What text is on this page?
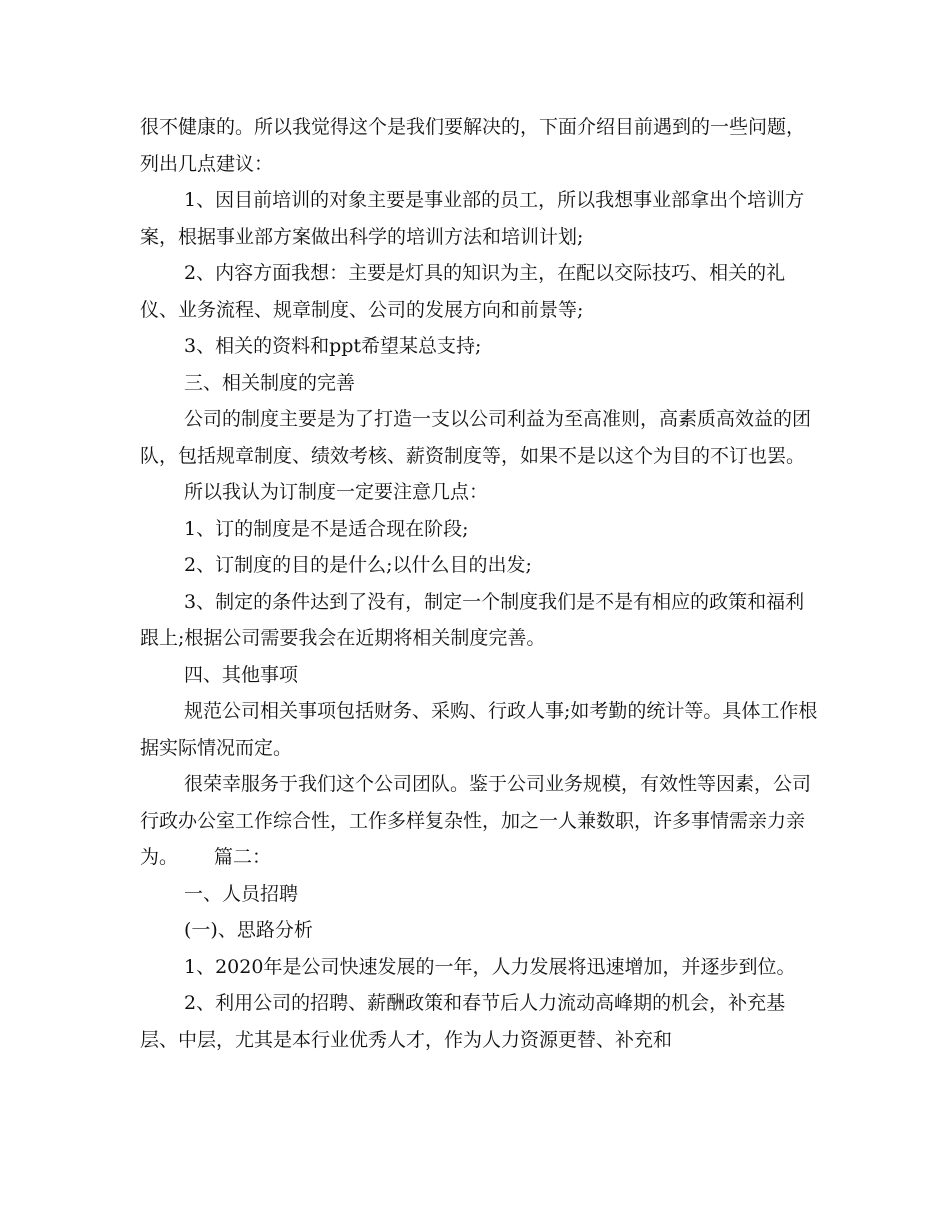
很不健康的。所以我觉得这个是我们要解决的，下面介绍目前遇到的一些问题，列出几点建议：

1、因目前培训的对象主要是事业部的员工，所以我想事业部拿出个培训方案，根据事业部方案做出科学的培训方法和培训计划;

2、内容方面我想：主要是灯具的知识为主，在配以交际技巧、相关的礼仪、业务流程、规章制度、公司的发展方向和前景等;

3、相关的资料和ppt希望某总支持;

三、相关制度的完善

公司的制度主要是为了打造一支以公司利益为至高准则，高素质高效益的团队，包括规章制度、绩效考核、薪资制度等，如果不是以这个为目的不订也罢。

所以我认为订制度一定要注意几点：

1、订的制度是不是适合现在阶段;

2、订制度的目的是什么;以什么目的出发;

3、制定的条件达到了没有，制定一个制度我们是不是有相应的政策和福利跟上;根据公司需要我会在近期将相关制度完善。

四、其他事项

规范公司相关事项包括财务、采购、行政人事;如考勤的统计等。具体工作根据实际情况而定。

很荣幸服务于我们这个公司团队。鉴于公司业务规模，有效性等因素，公司行政办公室工作综合性，工作多样复杂性，加之一人兼数职，许多事情需亲力亲为。 篇二：

一、人员招聘

(一)、思路分析

1、2020年是公司快速发展的一年，人力发展将迅速增加，并逐步到位。

2、利用公司的招聘、薪酬政策和春节后人力流动高峰期的机会，补充基层、中层，尤其是本行业优秀人才，作为人力资源更替、补充和
